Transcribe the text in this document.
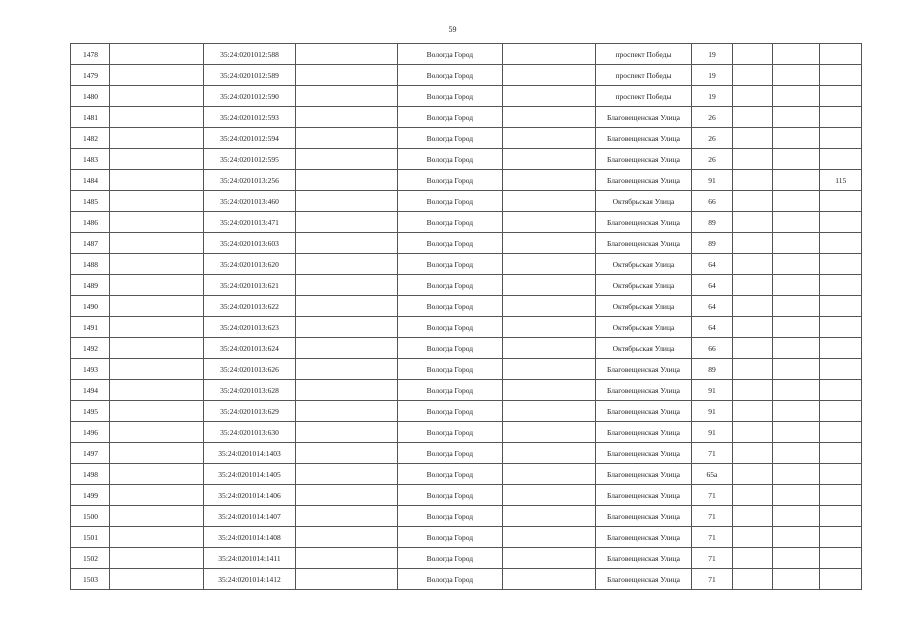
59
1478		35:24:0201012:588		Вологда Город		проспект Победы	19			
1479		35:24:0201012:589		Вологда Город		проспект Победы	19			
1480		35:24:0201012:590		Вологда Город		проспект Победы	19			
1481		35:24:0201012:593		Вологда Город		Благовещенская Улица	26			
1482		35:24:0201012:594		Вологда Город		Благовещенская Улица	26			
1483		35:24:0201012:595		Вологда Город		Благовещенская Улица	26			
1484		35:24:0201013:256		Вологда Город		Благовещенская Улица	91			115
1485		35:24:0201013:460		Вологда Город		Октябрьская Улица	66			
1486		35:24:0201013:471		Вологда Город		Благовещенская Улица	89			
1487		35:24:0201013:603		Вологда Город		Благовещенская Улица	89			
1488		35:24:0201013:620		Вологда Город		Октябрьская Улица	64			
1489		35:24:0201013:621		Вологда Город		Октябрьская Улица	64			
1490		35:24:0201013:622		Вологда Город		Октябрьская Улица	64			
1491		35:24:0201013:623		Вологда Город		Октябрьская Улица	64			
1492		35:24:0201013:624		Вологда Город		Октябрьская Улица	66			
1493		35:24:0201013:626		Вологда Город		Благовещенская Улица	89			
1494		35:24:0201013:628		Вологда Город		Благовещенская Улица	91			
1495		35:24:0201013:629		Вологда Город		Благовещенская Улица	91			
1496		35:24:0201013:630		Вологда Город		Благовещенская Улица	91			
1497		35:24:0201014:1403		Вологда Город		Благовещенская Улица	71			
1498		35:24:0201014:1405		Вологда Город		Благовещенская Улица	65а			
1499		35:24:0201014:1406		Вологда Город		Благовещенская Улица	71			
1500		35:24:0201014:1407		Вологда Город		Благовещенская Улица	71			
1501		35:24:0201014:1408		Вологда Город		Благовещенская Улица	71			
1502		35:24:0201014:1411		Вологда Город		Благовещенская Улица	71			
1503		35:24:0201014:1412		Вологда Город		Благовещенская Улица	71			
